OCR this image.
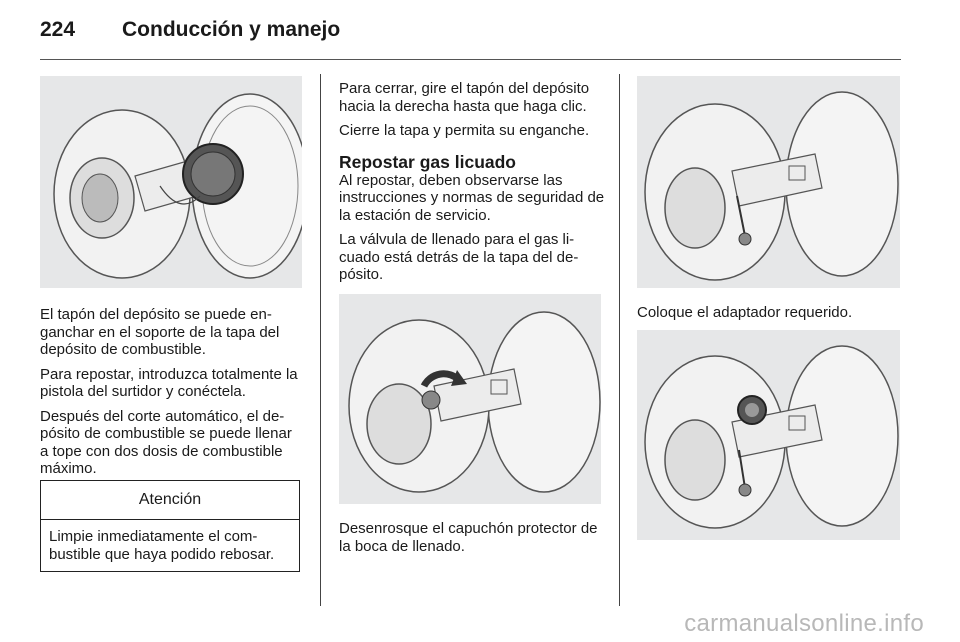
224 Conducción y manejo

El tapón del depósito se puede en-ganchar en el soporte de la tapa del depósito de combustible.

Para repostar, introduzca totalmente la pistola del surtidor y conéctela.

Después del corte automático, el de-pósito de combustible se puede llenar a tope con dos dosis de combustible máximo.

Atención
Limpie inmediatamente el com-bustible que haya podido rebosar.

Para cerrar, gire el tapón del depósito hacia la derecha hasta que haga clic.

Cierre la tapa y permita su enganche.

Repostar gas licuado

Al repostar, deben observarse las instrucciones y normas de seguridad de la estación de servicio.

La válvula de llenado para el gas li-cuado está detrás de la tapa del de-pósito.

Desenrosque el capuchón protector de la boca de llenado.

Coloque el adaptador requerido.

carmanualsonline.info
